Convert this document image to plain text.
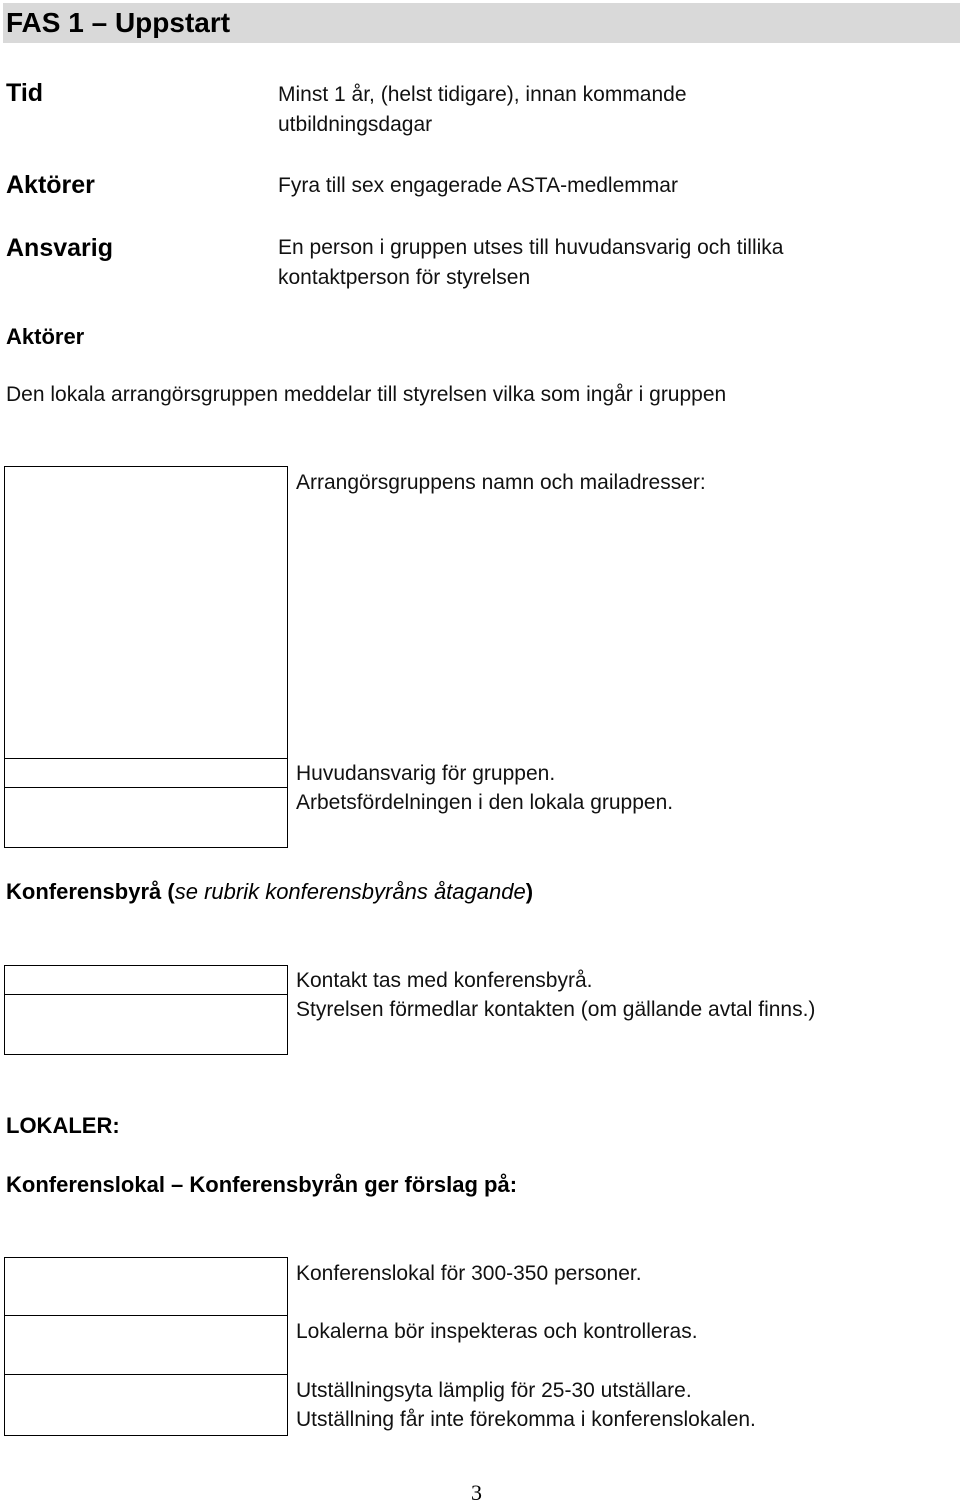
FAS 1 – Uppstart
Tid	Minst 1 år, (helst tidigare), innan kommande
utbildningsdagar
Aktörer	Fyra till sex engagerade ASTA-medlemmar
Ansvarig	En person i gruppen utses till huvudansvarig och tillika
kontaktperson för styrelsen
Aktörer
Den lokala arrangörsgruppen meddelar till styrelsen vilka som ingår i gruppen
Arrangörsgruppens namn och mailadresser:
Huvudansvarig för gruppen.
Arbetsfördelningen i den lokala gruppen.
Konferensbyrå (se rubrik konferensbyråns åtagande)
Kontakt tas med konferensbyrå.
Styrelsen förmedlar kontakten (om gällande avtal finns.)
LOKALER:
Konferenslokal – Konferensbyrån ger förslag på:
Konferenslokal för 300-350 personer.
Lokalerna bör inspekteras och kontrolleras.
Utställningsyta lämplig för 25-30 utställare.
Utställning får inte förekomma i konferenslokalen.
3
